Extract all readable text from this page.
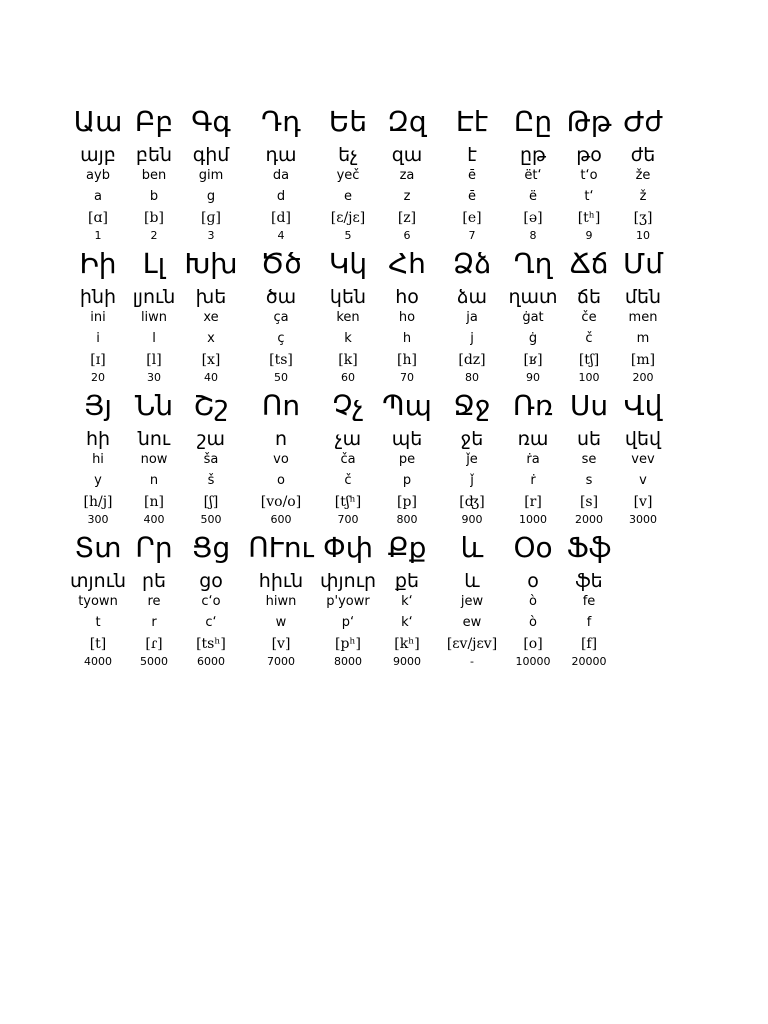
Աա
այբ
ayb
a
[ɑ]
1
Բբ
բեն
ben
b
[b]
2
Գգ
գիմ
gim
g
[ɡ]
3
Դդ
դա
da
d
[d]
4
Եե
եչ
yeč
e
[ɛ/jɛ]
5
Զզ
զա
za
z
[z]
6
Էէ
է
ē
ē
[e]
7
Ըը
ըթ
ët‘
ë
[ə]
8
Թթ
թօ
t‘o
t‘
[tʰ]
9
Ժժ
ժե
že
ž
[ʒ]
10
Իի
ինի
ini
i
[ɪ]
20
Լլ
լյուն
liwn
l
[l]
30
Խխ
խե
xe
x
[x]
40
Ծծ
ծա
ça
ç
[ts]
50
Կկ
կեն
ken
k
[k]
60
Հհ
հօ
ho
h
[h]
70
Ձձ
ձա
ja
j
[dz]
80
Ղղ
ղատ
ġat
ġ
[ʁ]
90
Ճճ
ճե
če
č
[tʃ]
100
Մմ
մեն
men
m
[m]
200
Յյ
հի
hi
y
[h/j]
300
Նն
նու
now
n
[n]
400
Շշ
շա
ša
š
[ʃ]
500
Ոո
ո
vo
o
[vo/o]
600
Չչ
չա
ča
č
[tʃʰ]
700
Պպ
պե
pe
p
[p]
800
Ջջ
ջե
ǰe
ǰ
[ʤ]
900
Ռռ
ռա
ṙa
ṙ
[r]
1000
Սս
սե
se
s
[s]
2000
Վվ
վեվ
vev
v
[v]
3000
Տտ
տյուն
tyown
t
[t]
4000
Րր
րե
re
r
[ɾ]
5000
Ցց
ցօ
c‘o
c‘
[tsʰ]
6000
ՈՒու
հիւն
hiwn
w
[v]
7000
Փփ
փյուր
p'yowr
p‘
[pʰ]
8000
Քք
քե
k‘
k‘
[kʰ]
9000
և
և
jew
ew
[ɛv/jɛv]
-
Օօ
օ
ò
ò
[o]
10000
Ֆֆ
ֆե
fe
f
[f]
20000
